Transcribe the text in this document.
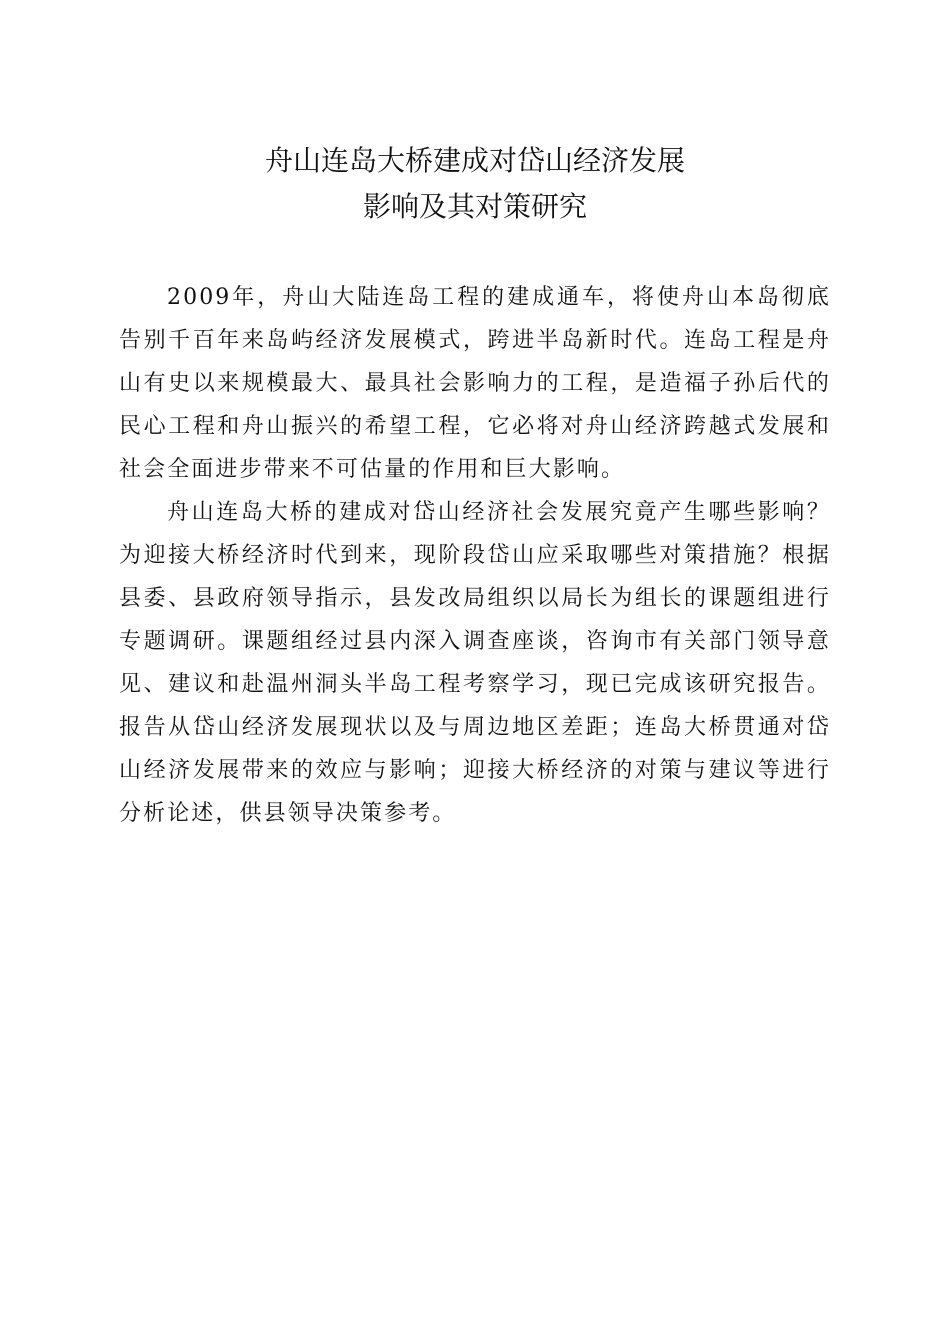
舟山连岛大桥建成对岱山经济发展
影响及其对策研究

2009年，舟山大陆连岛工程的建成通车，将使舟山本岛彻底告别千百年来岛屿经济发展模式，跨进半岛新时代。连岛工程是舟山有史以来规模最大、最具社会影响力的工程，是造福子孙后代的民心工程和舟山振兴的希望工程，它必将对舟山经济跨越式发展和社会全面进步带来不可估量的作用和巨大影响。

舟山连岛大桥的建成对岱山经济社会发展究竟产生哪些影响？为迎接大桥经济时代到来，现阶段岱山应采取哪些对策措施？根据县委、县政府领导指示，县发改局组织以局长为组长的课题组进行专题调研。课题组经过县内深入调查座谈，咨询市有关部门领导意见、建议和赴温州洞头半岛工程考察学习，现已完成该研究报告。报告从岱山经济发展现状以及与周边地区差距；连岛大桥贯通对岱山经济发展带来的效应与影响；迎接大桥经济的对策与建议等进行分析论述，供县领导决策参考。
